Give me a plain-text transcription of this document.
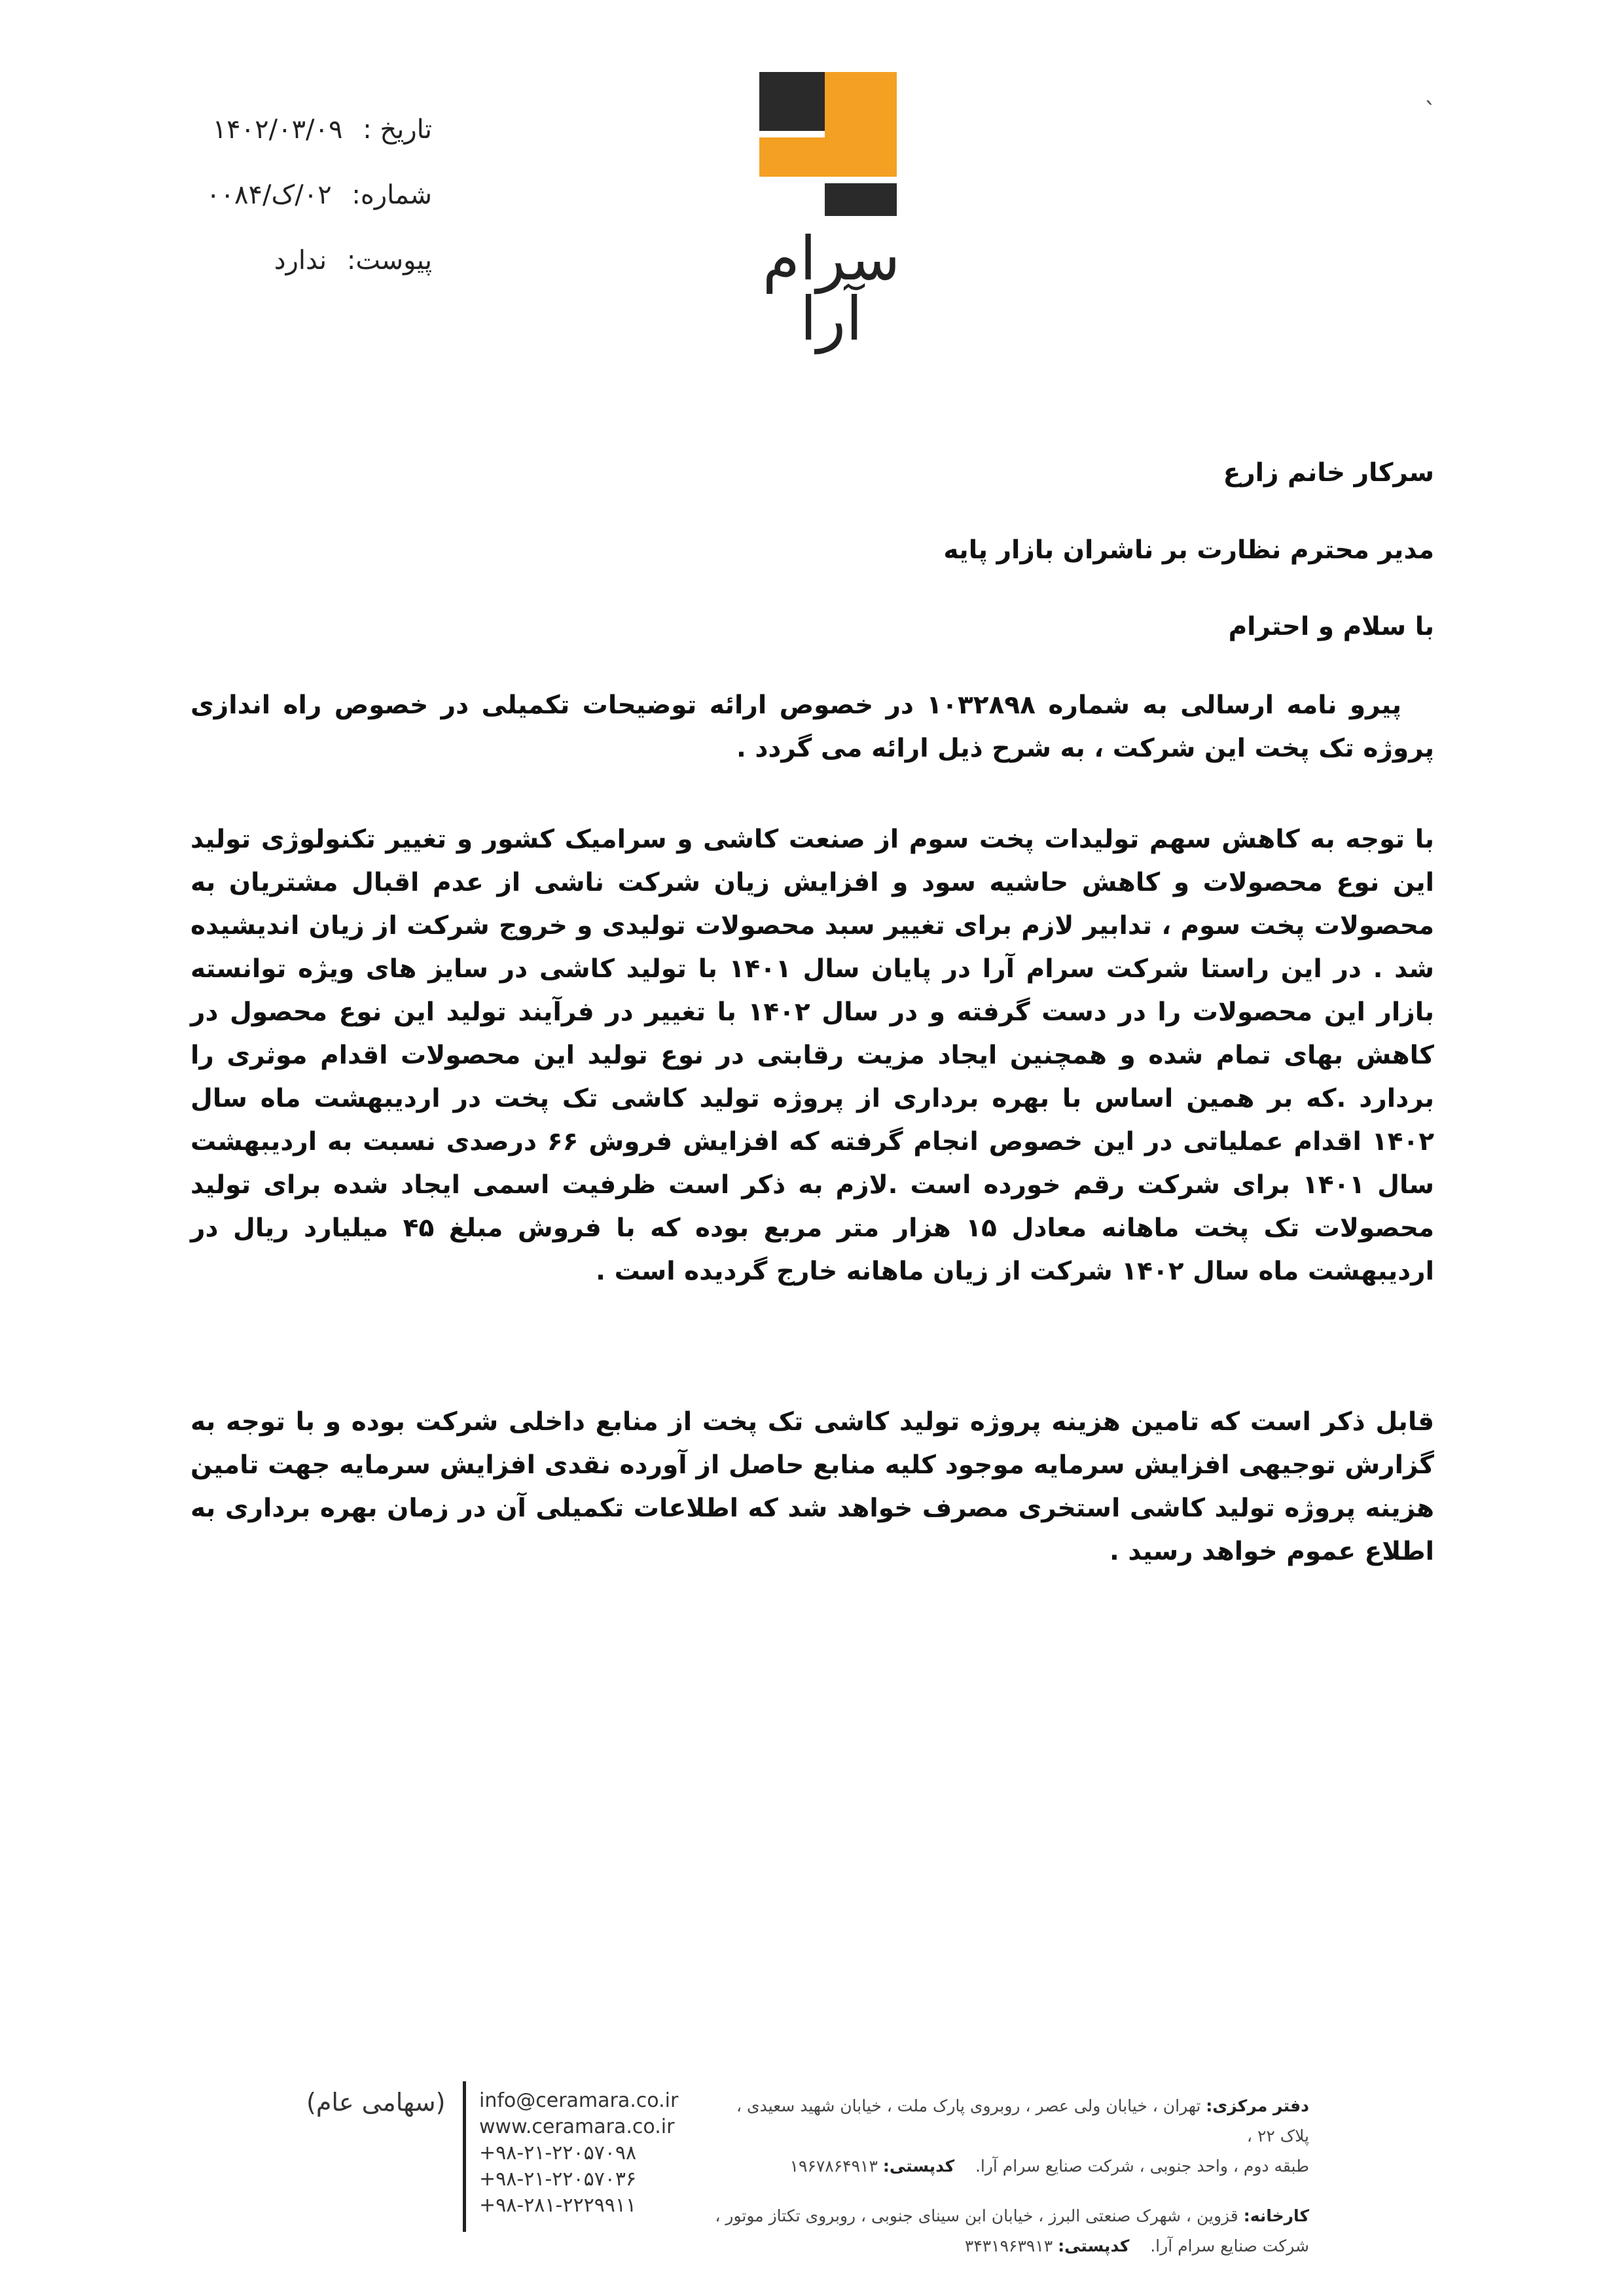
`
تاریخ : ۱۴۰۲/۰۳/۰۹
شماره: ۰۲/ک/۰۰۸۴
پیوست: ندارد	سرام آرا
سرکار خانم زارع
مدیر محترم نظارت بر ناشران بازار پایه
با سلام و احترام
پیرو نامه ارسالی به شماره ۱۰۳۲۸۹۸ در خصوص ارائه توضیحات تکمیلی در خصوص راه اندازی پروژه تک پخت این شرکت ، به شرح ذیل ارائه می گردد .
با توجه به کاهش سهم تولیدات پخت سوم از صنعت کاشی و سرامیک کشور و تغییر تکنولوژی تولید این نوع محصولات و کاهش حاشیه سود و افزایش زیان شرکت ناشی از عدم اقبال مشتریان به محصولات پخت سوم ، تدابیر لازم برای تغییر سبد محصولات تولیدی و خروج شرکت از زیان اندیشیده شد . در این راستا شرکت سرام آرا در پایان سال ۱۴۰۱ با تولید کاشی در سایز های ویژه توانسته بازار این محصولات را در دست گرفته و در سال ۱۴۰۲ با تغییر در فرآیند تولید این نوع محصول در کاهش بهای تمام شده و همچنین ایجاد مزیت رقابتی در نوع تولید این محصولات اقدام موثری را بردارد .که بر همین اساس با بهره برداری از پروژه تولید کاشی تک پخت در اردیبهشت ماه سال ۱۴۰۲ اقدام عملیاتی در این خصوص انجام گرفته که افزایش فروش ۶۶ درصدی نسبت به اردیبهشت سال ۱۴۰۱ برای شرکت رقم خورده است .لازم به ذکر است ظرفیت اسمی ایجاد شده برای تولید محصولات تک پخت ماهانه معادل ۱۵ هزار متر مربع بوده که با فروش مبلغ ۴۵ میلیارد ریال در اردیبهشت ماه سال ۱۴۰۲ شرکت از زیان ماهانه خارج گردیده است .
قابل ذکر است که تامین هزینه پروژه تولید کاشی تک پخت از منابع داخلی شرکت بوده و با توجه به گزارش توجیهی افزایش سرمایه موجود کلیه منابع حاصل از آورده نقدی افزایش سرمایه جهت تامین هزینه پروژه تولید کاشی استخری مصرف خواهد شد که اطلاعات تکمیلی آن در زمان بهره برداری به اطلاع عموم خواهد رسید .
(سهامی عام) info@ceramara.co.ir
www.ceramara.co.ir
+۹۸-۲۱-۲۲۰۵۷۰۹۸
+۹۸-۲۱-۲۲۰۵۷۰۳۶
+۹۸-۲۸۱-۲۲۲۹۹۱۱
دفتر مرکزی: تهران ، خیابان ولی عصر ، روبروی پارک ملت ، خیابان شهید سعیدی ، پلاک ۲۲ ،
طبقه دوم ، واحد جنوبی ، شرکت صنایع سرام آرا.    کدپستی: ۱۹۶۷۸۶۴۹۱۳
کارخانه: قزوین ، شهرک صنعتی البرز ، خیابان ابن سینای جنوبی ، روبروی تکتاز موتور ،
شرکت صنایع سرام آرا.    کدپستی: ۳۴۳۱۹۶۳۹۱۳
